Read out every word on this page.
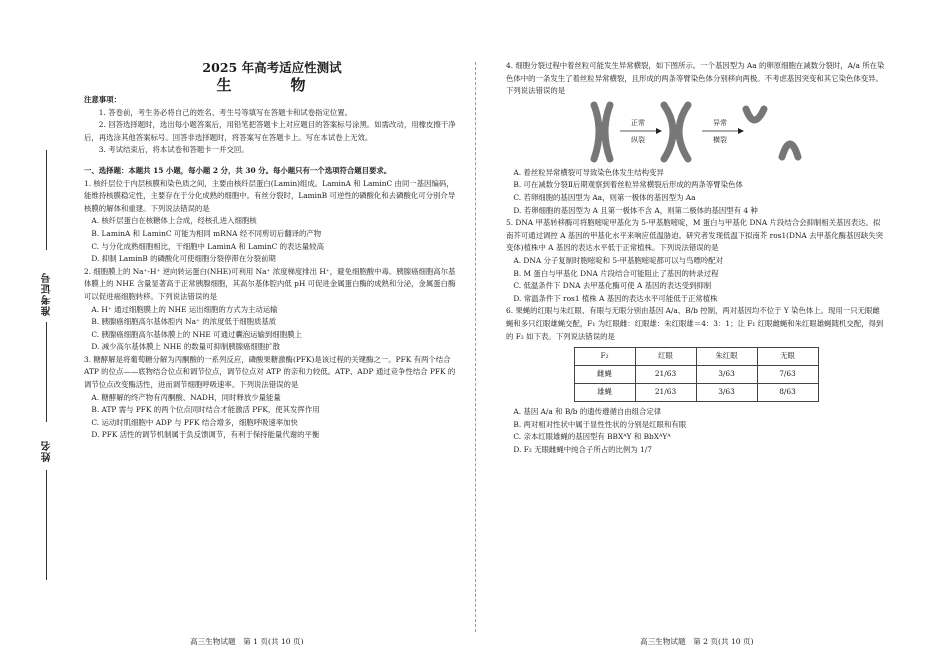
准考证号
姓名

2025 年高考适应性测试

生　物

注意事项：

1. 答卷前，考生务必将自己的姓名、考生号等填写在答题卡和试卷指定位置。

2. 回答选择题时，选出每小题答案后，用铅笔把答题卡上对应题目的答案标号涂黑。如需改动，用橡皮擦干净后，再选涂其他答案标号。回答非选择题时，将答案写在答题卡上。写在本试卷上无效。

3. 考试结束后，将本试卷和答题卡一并交回。

一、选择题：本题共 15 小题，每小题 2 分，共 30 分。每小题只有一个选项符合题目要求。

1. 核纤层位于内层核膜和染色质之间，主要由核纤层蛋白(Lamin)组成。LaminA 和 LaminC 由同一基因编码，能维持核膜稳定性，主要存在于分化成熟的细胞中。有丝分裂时，LaminB 可逆性的磷酸化和去磷酸化可分别介导核膜的解体和重建。下列说法错误的是

A. 核纤层蛋白在核糖体上合成，经核孔进入细胞核

B. LaminA 和 LaminC 可能为相同 mRNA 经不同剪切后翻译的产物

C. 与分化成熟细胞相比，干细胞中 LaminA 和 LaminC 的表达量较高

D. 抑制 LaminB 的磷酸化可使细胞分裂停滞在分裂前期

2. 细胞膜上的 Na⁺-H⁺ 逆向转运蛋白(NHE)可利用 Na⁺ 浓度梯度排出 H⁺，避免细胞酸中毒。胰腺癌细胞高尔基体膜上的 NHE 含量显著高于正常胰腺细胞，其高尔基体腔内低 pH 可促进金属蛋白酶的成熟和分泌，金属蛋白酶可以促进癌细胞转移。下列说法错误的是

A. H⁺ 通过细胞膜上的 NHE 运出细胞的方式为主动运输

B. 胰腺癌细胞高尔基体腔内 Na⁺ 的浓度低于细胞质基质

C. 胰腺癌细胞高尔基体膜上的 NHE 可通过囊泡运输到细胞膜上

D. 减少高尔基体膜上 NHE 的数量可抑制胰腺癌细胞扩散

3. 糖酵解是将葡萄糖分解为丙酮酸的一系列反应，磷酸果糖激酶(PFK)是该过程的关键酶之一。PFK 有两个结合 ATP 的位点——底物结合位点和调节位点，调节位点对 ATP 的亲和力较低。ATP、ADP 通过竞争性结合 PFK 的调节位点改变酶活性，进而调节细胞呼吸速率。下列说法错误的是

A. 糖酵解的终产物有丙酮酸、NADH，同时释放少量能量

B. ATP 需与 PFK 的两个位点同时结合才能激活 PFK，使其发挥作用

C. 运动时肌细胞中 ADP 与 PFK 结合增多，细胞呼吸速率加快

D. PFK 活性的调节机制属于负反馈调节，有利于保持能量代谢的平衡

高三生物试题　第 1 页(共 10 页)

4. 细胞分裂过程中着丝粒可能发生异常横裂，如下图所示。一个基因型为 Aa 的卵原细胞在减数分裂时，A/a 所在染色体中的一条发生了着丝粒异常横裂，且形成的两条等臂染色体分别移向两极。不考虑基因突变和其它染色体变异。下列说法错误的是

正常
纵裂
异常
横裂

A. 着丝粒异常横裂可导致染色体发生结构变异

B. 可在减数分裂Ⅱ后期观察到着丝粒异常横裂后形成的两条等臂染色体

C. 若卵细胞的基因型为 Aa，则第一极体的基因型为 Aa

D. 若卵细胞的基因型为 A 且第一极体不含 A，则第二极体的基因型有 4 种

5. DNA 甲基转移酶可将胞嘧啶甲基化为 5-甲基胞嘧啶，M 蛋白与甲基化 DNA 片段结合会抑制相关基因表达。拟南芥可通过调控 A 基因的甲基化水平来响应低温胁迫。研究者发现低温下拟南芥 ros1(DNA 去甲基化酶基因缺失突变体)植株中 A 基因的表达水平低于正常植株。下列说法错误的是

A. DNA 分子复制时胞嘧啶和 5-甲基胞嘧啶都可以与鸟嘌呤配对

B. M 蛋白与甲基化 DNA 片段结合可能阻止了基因的转录过程

C. 低温条件下 DNA 去甲基化酶可使 A 基因的表达受到抑制

D. 常温条件下 ros1 植株 A 基因的表达水平可能低于正常植株

6. 果蝇的红眼与朱红眼、有眼与无眼分别由基因 A/a、B/b 控制，两对基因均不位于 Y 染色体上。现用一只无眼雌蝇和多只红眼雄蝇交配，F₁ 为红眼雌：红眼雄：朱红眼雄＝4：3：1；让 F₁ 红眼雌蝇和朱红眼雄蝇随机交配，得到的 F₂ 如下表。下列说法错误的是

F₂	红眼	朱红眼	无眼
雌蝇	21/63	3/63	7/63
雄蝇	21/63	3/63	8/63

A. 基因 A/a 和 B/b 的遗传遵循自由组合定律

B. 两对相对性状中属于显性性状的分别是红眼和有眼

C. 亲本红眼雄蝇的基因型有 BBXᴬY 和 BbXᴬYᴬ

D. F₂ 无眼雌蝇中纯合子所占的比例为 1/7

高三生物试题　第 2 页(共 10 页)
